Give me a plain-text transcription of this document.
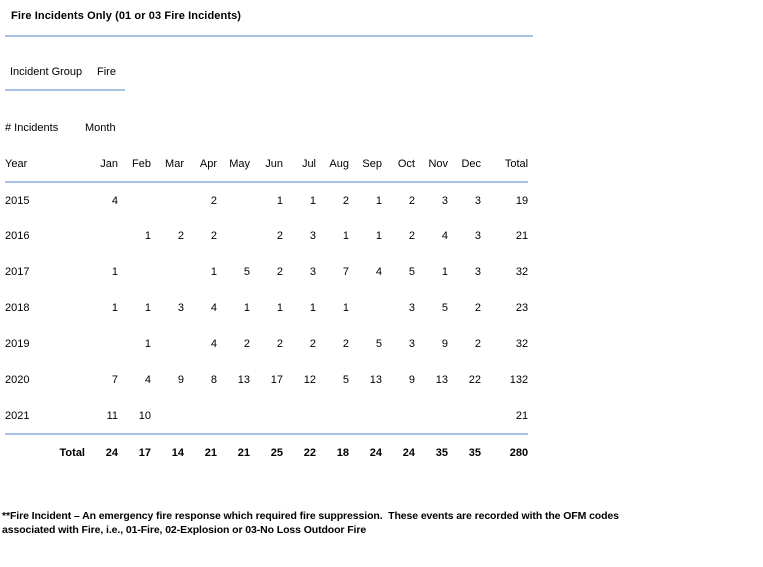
Fire Incidents Only (01 or 03 Fire Incidents)
Incident Group Fire
# Incidents	Month												
Year	Jan	Feb	Mar	Apr	May	Jun	Jul	Aug	Sep	Oct	Nov	Dec	Total
2015	4			2		1	1	2	1	2	3	3	19
2016		1	2	2		2	3	1	1	2	4	3	21
2017	1			1	5	2	3	7	4	5	1	3	32
2018	1	1	3	4	1	1	1	1		3	5	2	23
2019		1		4	2	2	2	2	5	3	9	2	32
2020	7	4	9	8	13	17	12	5	13	9	13	22	132
2021	11	10											21
Total	24	17	14	21	21	25	22	18	24	24	35	35	280
**Fire Incident – An emergency fire response which required fire suppression.  These events are recorded with the OFM codes
associated with Fire, i.e., 01-Fire, 02-Explosion or 03-No Loss Outdoor Fire
